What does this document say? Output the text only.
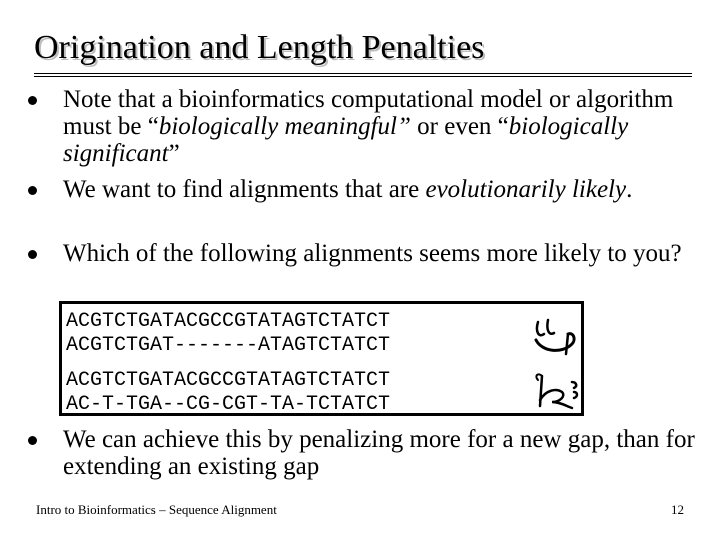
Origination and Length Penalties
Note that a bioinformatics computational model or algorithm must be “biologically meaningful” or even “biologically significant”
We want to find alignments that are evolutionarily likely.
Which of the following alignments seems more likely to you?
ACGTCTGATACGCCGTATAGTCTATCT
ACGTCTGAT-------ATAGTCTATCT
ACGTCTGATACGCCGTATAGTCTATCT
AC-T-TGA--CG-CGT-TA-TCTATCT
We can achieve this by penalizing more for a new gap, than for extending an existing gap
Intro to Bioinformatics – Sequence Alignment	12
